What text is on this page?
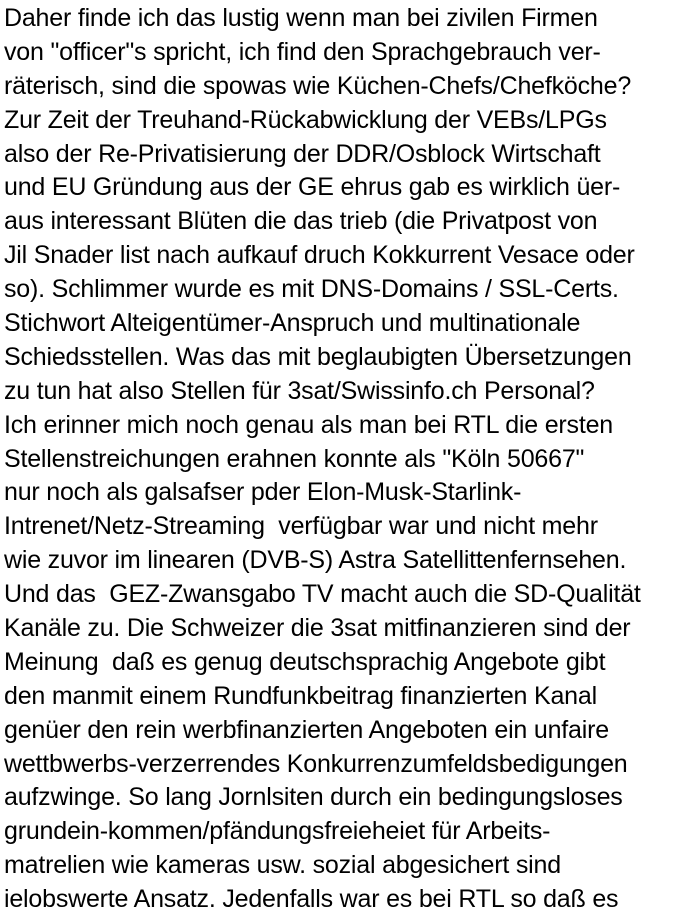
Daher finde ich das lustig wenn man bei zivilen Firmen
von "officer"s spricht, ich find den Sprachgebrauch ver-
räterisch, sind die spowas wie Küchen-Chefs/Chefköche?
Zur Zeit der Treuhand-Rückabwicklung der VEBs/LPGs
also der Re-Privatisierung der DDR/Osblock Wirtschaft
und EU Gründung aus der GE ehrus gab es wirklich üer-
aus interessant Blüten die das trieb (die Privatpost von
Jil Snader list nach aufkauf druch Kokkurrent Vesace oder
so). Schlimmer wurde es mit DNS-Domains / SSL-Certs.
Stichwort Alteigentümer-Anspruch und multinationale
Schiedsstellen. Was das mit beglaubigten Übersetzungen
zu tun hat also Stellen für 3sat/Swissinfo.ch Personal?
Ich erinner mich noch genau als man bei RTL die ersten
Stellenstreichungen erahnen konnte als "Köln 50667"
nur noch als galsafser pder Elon-Musk-Starlink-
Intrenet/Netz-Streaming  verfügbar war und nicht mehr
wie zuvor im linearen (DVB-S) Astra Satellittenfernsehen.
Und das  GEZ-Zwansgabo TV macht auch die SD-Qualität
Kanäle zu. Die Schweizer die 3sat mitfinanzieren sind der
Meinung  daß es genug deutschsprachig Angebote gibt
den manmit einem Rundfunkbeitrag finanzierten Kanal
genüer den rein werbfinanzierten Angeboten ein unfaire
wettbwerbs-verzerrendes Konkurrenzumfeldsbedigungen
aufzwinge. So lang Jornlsiten durch ein bedingungsloses
grundein-kommen/pfändungsfreieheiet für Arbeits-
matrelien wie kameras usw. sozial abgesichert sind
ielobswerte Ansatz. Jedenfalls war es bei RTL so daß es
